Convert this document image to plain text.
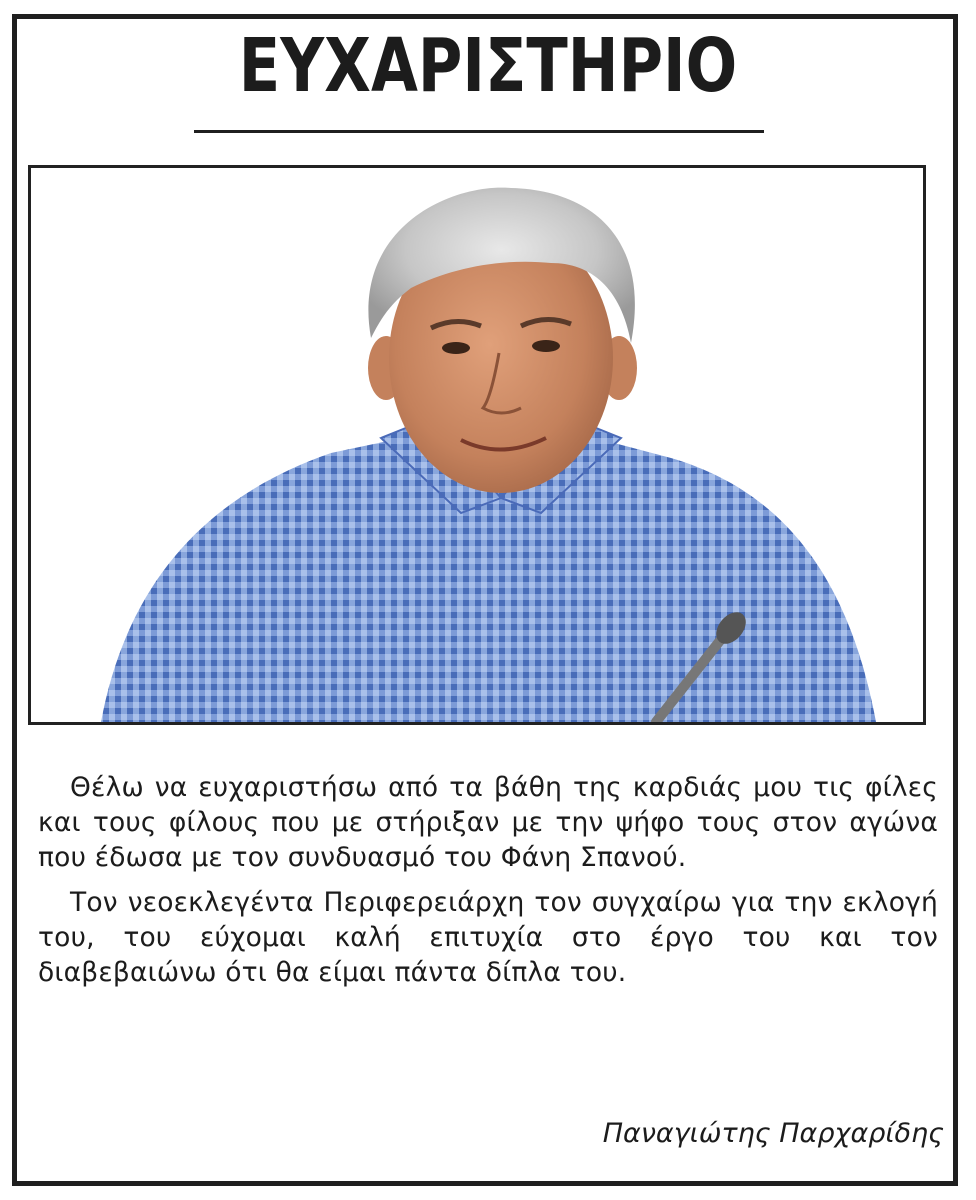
ΕΥΧΑΡΙΣΤΗΡΙΟ

Θέλω να ευχαριστήσω από τα βάθη της καρδιάς μου τις φίλες και τους φίλους που με στήριξαν με την ψήφο τους στον αγώνα που έδωσα με τον συνδυασμό του Φάνη Σπανού.

Τον νεοεκλεγέντα Περιφερειάρχη τον συγχαίρω για την εκλογή του, του εύχομαι καλή επιτυχία στο έργο του και τον διαβεβαιώνω ότι θα είμαι πάντα δίπλα του.

Παναγιώτης Παρχαρίδης
